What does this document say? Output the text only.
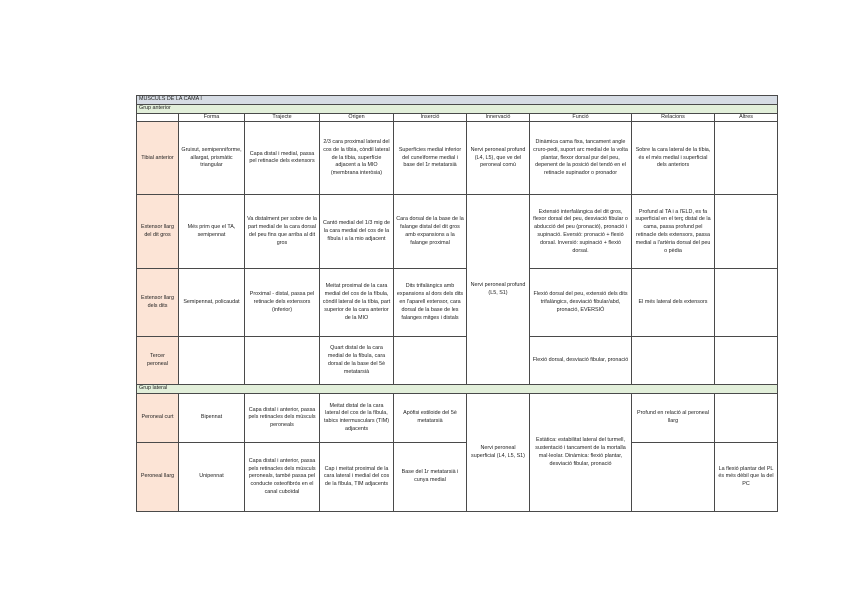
MÚSCULS DE LA CAMA I								
Grup anterior								
	Forma	Trajecte	Origen	Inserció	Innervació	Funció	Relacions	Altres
Tibial anterior	Gruixut, semipenniforme, allargat, prismàtic triangular	Capa distal i medial, passa pel retinacle dels extensors	2/3 cara proximal lateral del cos de la tíbia, còndil lateral de la tíbia, superfície adjacent a la MIO (membrana interòsia)	Superfícies medial inferior del cuneïforme medial i base del 1r metatarsià	Nervi peroneal profund (L4, L5), que ve del peroneal comú	Dinàmica cama fixa, tancament angle cruro-pedi, suport arc medial de la volta plantar, flexor dorsal pur del peu, depenent de la posició del tendó en el retinacle supinador o pronador	Sobre la cara lateral de la tíbia, és el més medial i superficial dels anteriors	
Extensor llarg del dit gros	Més prim que el TA, semipennat	Va distalment per sobre de la part medial de la cara dorsal del peu fins que arriba al dit gros	Cantó medial del 1/3 mig de la cara medial del cos de la fíbula i a la mio adjacent	Cara dorsal de la base de la falange distal del dit gros amb expansions a la falange proximal	Nervi peroneal profund (L5, S1)	Extensió interfalàngica del dit gros, flexor dorsal del peu, desviació fibular o abducció del peu (pronació), pronació i supinació. Eversió: pronació + flexió dorsal. Inversió: supinació + flexió dorsal.	Profund al TA i a l'ELD, es fa superficial en el terç distal de la cama, passa profund pel retinacle dels extensors, passa medial a l'artèria dorsal del peu o pèdia	
Extensor llarg dels dits	Semipennat, policaudat	Proximal - distal, passa pel retinacle dels extensors (inferior)	Meitat proximal de la cara medial del cos de la fíbula, còndil lateral de la tíbia, part superior de la cara anterior de la MIO	Dits trifalàngics amb expansions al dors dels dits en l'aparell extensor, cara dorsal de la base de les falanges mitges i distals		Flexió dorsal del peu, extensió dels dits trifalàngics, desviació fibular/abd, pronació, EVERSIÓ	El més lateral dels extensors	
Tercer peroneal			Quart distal de la cara medial de la fíbula, cara dorsal de la base del 5è metatarsià			Flexió dorsal, desviació fibular, pronació		
Grup lateral								
Peroneal curt	Bipennat	Capa distal i anterior, passa pels retinacles dels músculs peroneals	Meitat distal de la cara lateral del cos de la fíbula, tabics intermusculars (TIM) adjacents	Apòfisi estiloide del 5è metatarsià	Nervi peroneal superficial (L4, L5, S1)	Estàtica: estabilitat lateral del turmell, sustentació i tancament de la mortalla mal·leolar. Dinàmica: flexió plantar, desviació fibular, pronació	Profund en relació al peroneal llarg	
Peroneal llarg	Unipennat	Capa distal i anterior, passa pels retinacles dels músculs peroneals, també passa pel conducte osteofibrós en el canal cuboïdal	Cap i meitat proximal de la cara lateral i medial del cos de la fíbula, TIM adjacents	Base del 1r metatarsià i cunya medial				La flexió plantar del PL és més dèbil que la del PC
